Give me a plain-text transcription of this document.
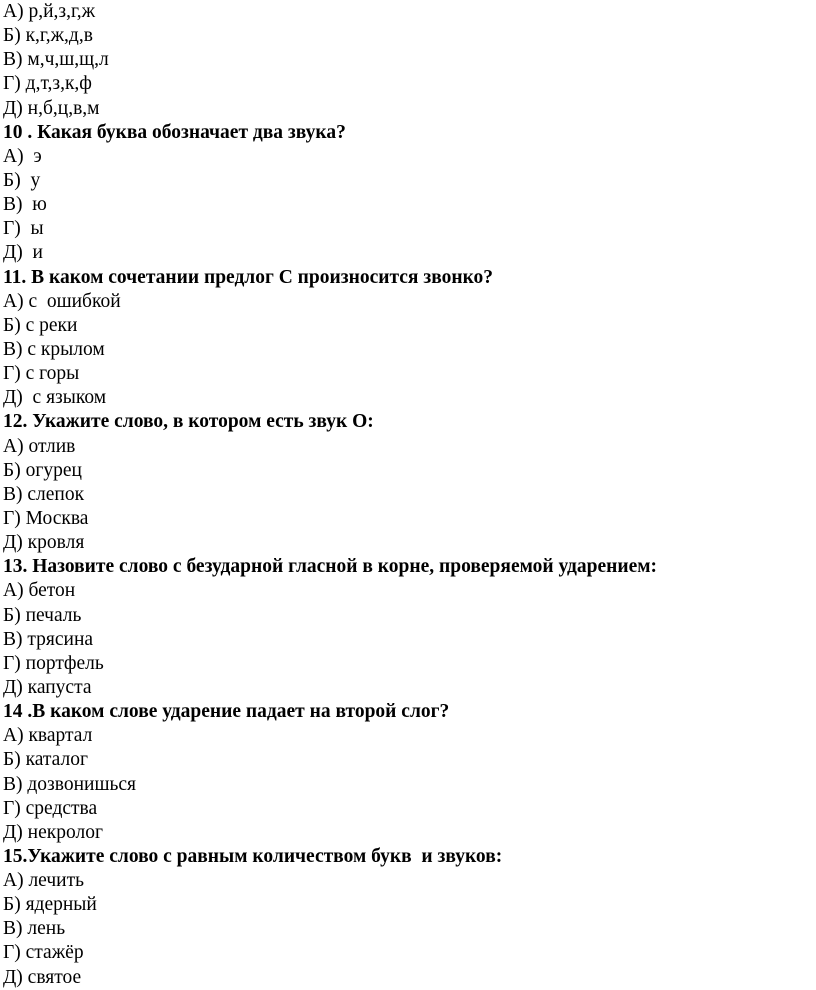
А) р,й,з,г,ж
Б) к,г,ж,д,в
В) м,ч,ш,щ,л
Г) д,т,з,к,ф
Д) н,б,ц,в,м
10 . Какая буква обозначает два звука?
А)  э
Б)  у
В)  ю
Г)  ы
Д)  и
11. В каком сочетании предлог С произносится звонко?
А) с  ошибкой
Б) с реки
В) с крылом
Г) с горы
Д)  с языком
12. Укажите слово, в котором есть звук О:
А) отлив
Б) огурец
В) слепок
Г) Москва
Д) кровля
13. Назовите слово с безударной гласной в корне, проверяемой ударением:
А) бетон
Б) печаль
В) трясина
Г) портфель
Д) капуста
14 .В каком слове ударение падает на второй слог?
А) квартал
Б) каталог
В) дозвонишься
Г) средства
Д) некролог
15.Укажите слово с равным количеством букв  и звуков:
А) лечить
Б) ядерный
В) лень
Г) стажёр
Д) святое
